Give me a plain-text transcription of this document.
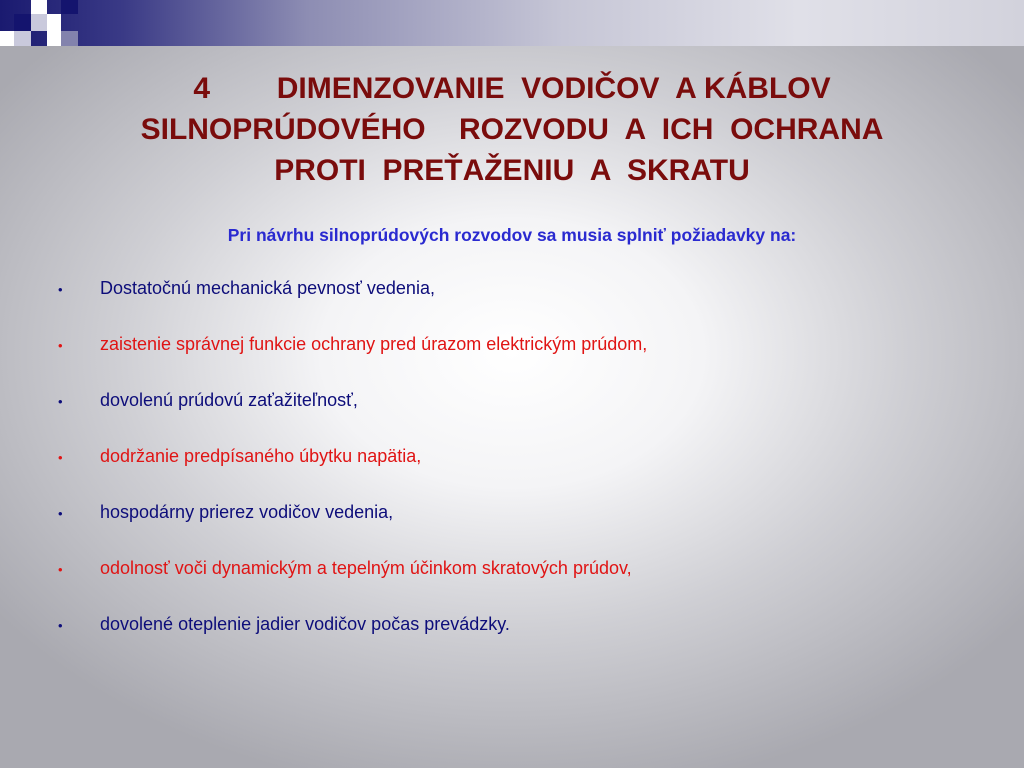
4        DIMENZOVANIE  VODIČOV  A KÁBLOV
SILNOPRÚDOVÉHO    ROZVODU  A  ICH  OCHRANA
PROTI  PREŤAŽENIU  A  SKRATU

Pri návrhu silnoprúdových rozvodov sa musia splniť požiadavky na:

•	Dostatočnú mechanická pevnosť vedenia,
•	zaistenie správnej funkcie ochrany pred úrazom elektrickým prúdom,
•	dovolenú prúdovú zaťažiteľnosť,
•	dodržanie predpísaného úbytku napätia,
•	hospodárny prierez vodičov vedenia,
•	odolnosť voči dynamickým a tepelným účinkom skratových prúdov,
•	dovolené oteplenie jadier vodičov počas prevádzky.
